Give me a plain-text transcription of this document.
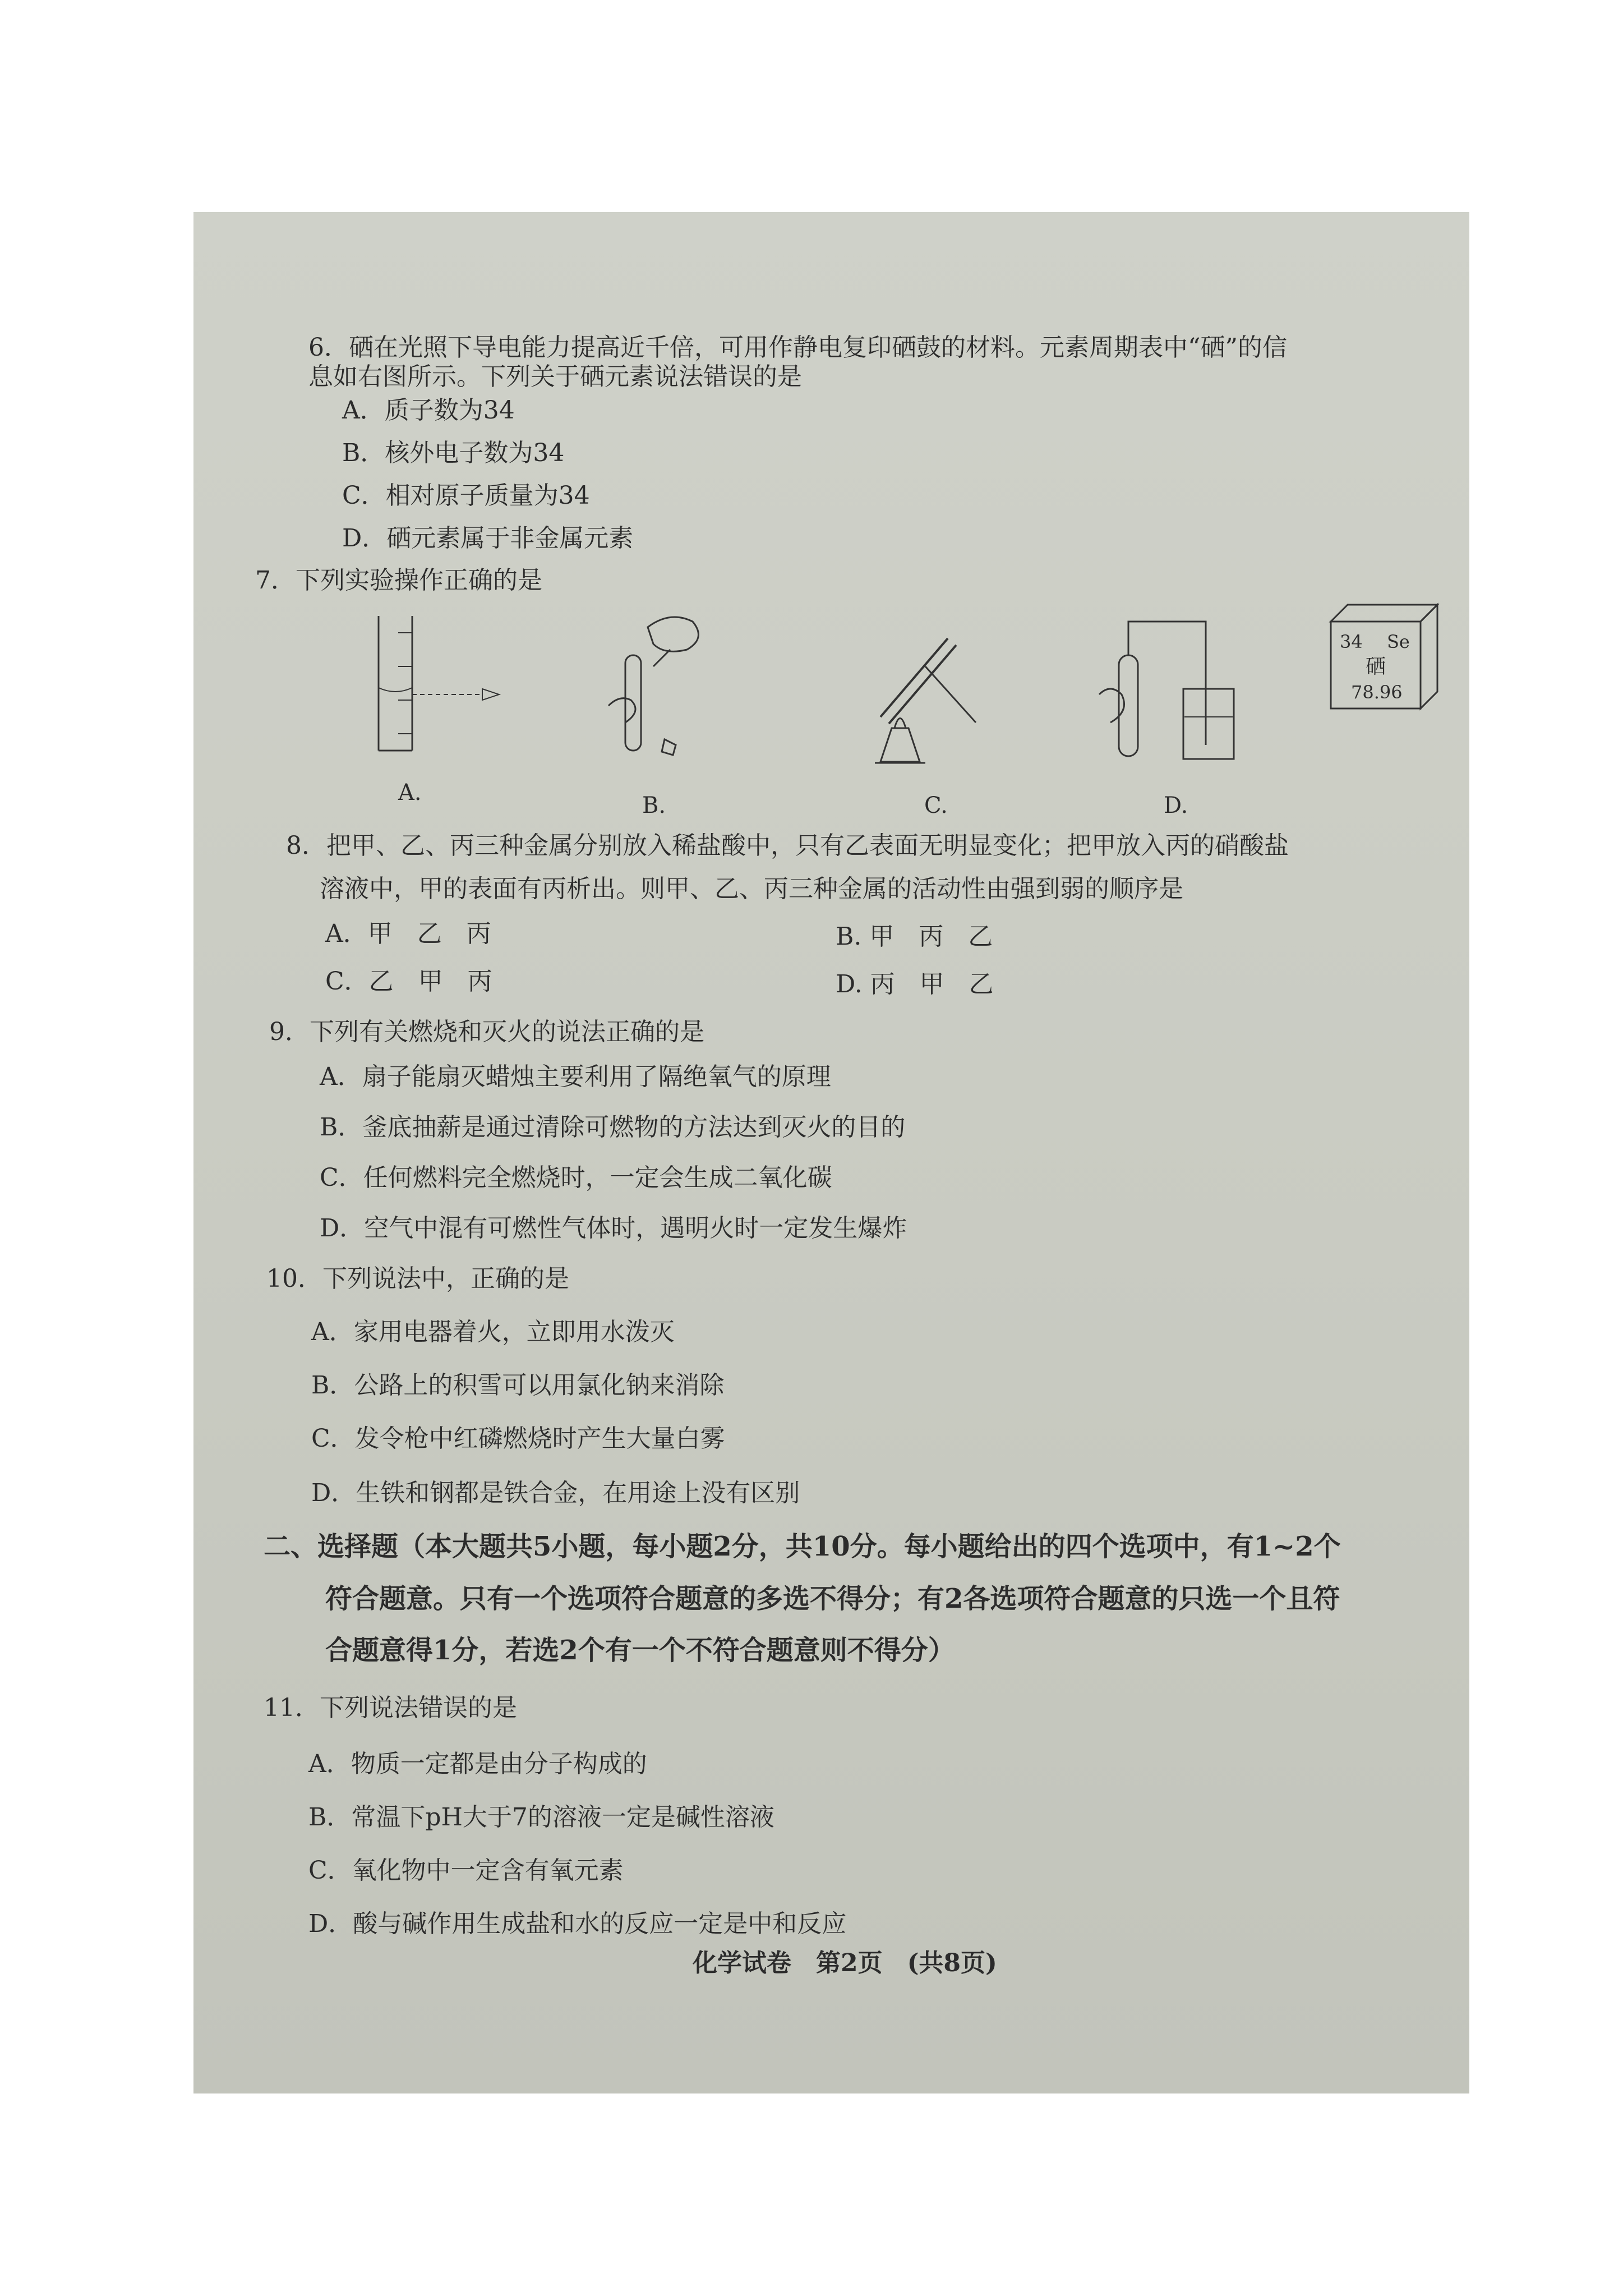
6．硒在光照下导电能力提高近千倍，可用作静电复印硒鼓的材料。元素周期表中“硒”的信
息如右图所示。下列关于硒元素说法错误的是
A．质子数为34
B．核外电子数为34
C．相对原子质量为34
D．硒元素属于非金属元素
34 Se
硒
78.96
7．下列实验操作正确的是
A.	B.	C.	D.
8．把甲、乙、丙三种金属分别放入稀盐酸中，只有乙表面无明显变化；把甲放入丙的硝酸盐
溶液中，甲的表面有丙析出。则甲、乙、丙三种金属的活动性由强到弱的顺序是
A．甲　乙　丙	B. 甲　丙　乙
C．乙　甲　丙	D. 丙　甲　乙
9．下列有关燃烧和灭火的说法正确的是
A．扇子能扇灭蜡烛主要利用了隔绝氧气的原理
B．釜底抽薪是通过清除可燃物的方法达到灭火的目的
C．任何燃料完全燃烧时，一定会生成二氧化碳
D．空气中混有可燃性气体时，遇明火时一定发生爆炸
10．下列说法中，正确的是
A．家用电器着火，立即用水泼灭
B．公路上的积雪可以用氯化钠来消除
C．发令枪中红磷燃烧时产生大量白雾
D．生铁和钢都是铁合金，在用途上没有区别
二、选择题（本大题共5小题，每小题2分，共10分。每小题给出的四个选项中，有1~2个
符合题意。只有一个选项符合题意的多选不得分；有2各选项符合题意的只选一个且符
合题意得1分，若选2个有一个不符合题意则不得分）
11．下列说法错误的是
A．物质一定都是由分子构成的
B．常温下pH大于7的溶液一定是碱性溶液
C．氧化物中一定含有氧元素
D．酸与碱作用生成盐和水的反应一定是中和反应
化学试卷　第2页　(共8页)
